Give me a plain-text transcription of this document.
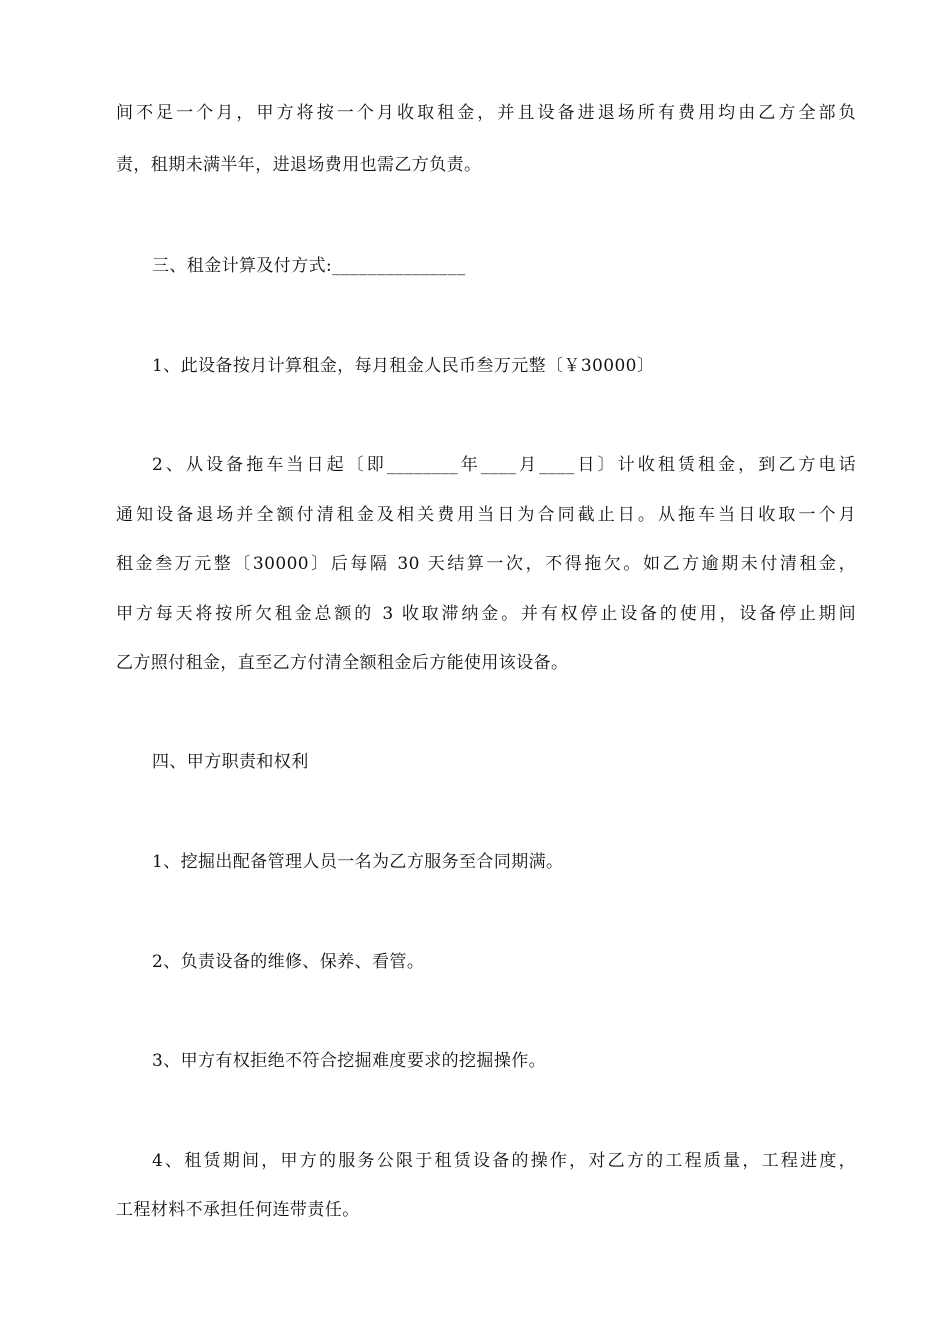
间不足一个月，甲方将按一个月收取租金，并且设备进退场所有费用均由乙方全部负
责，租期未满半年，进退场费用也需乙方负责。
三、租金计算及付方式:_______________
1、此设备按月计算租金，每月租金人民币叁万元整〔￥30000〕
2、从设备拖车当日起〔即________年____月____日〕计收租赁租金，到乙方电话
通知设备退场并全额付清租金及相关费用当日为合同截止日。从拖车当日收取一个月
租金叁万元整〔30000〕后每隔 30 天结算一次，不得拖欠。如乙方逾期未付清租金，
甲方每天将按所欠租金总额的 3 收取滞纳金。并有权停止设备的使用，设备停止期间
乙方照付租金，直至乙方付清全额租金后方能使用该设备。
四、甲方职责和权利
1、挖掘出配备管理人员一名为乙方服务至合同期满。
2、负责设备的维修、保养、看管。
3、甲方有权拒绝不符合挖掘难度要求的挖掘操作。
4、租赁期间，甲方的服务公限于租赁设备的操作，对乙方的工程质量，工程进度，
工程材料不承担任何连带责任。
